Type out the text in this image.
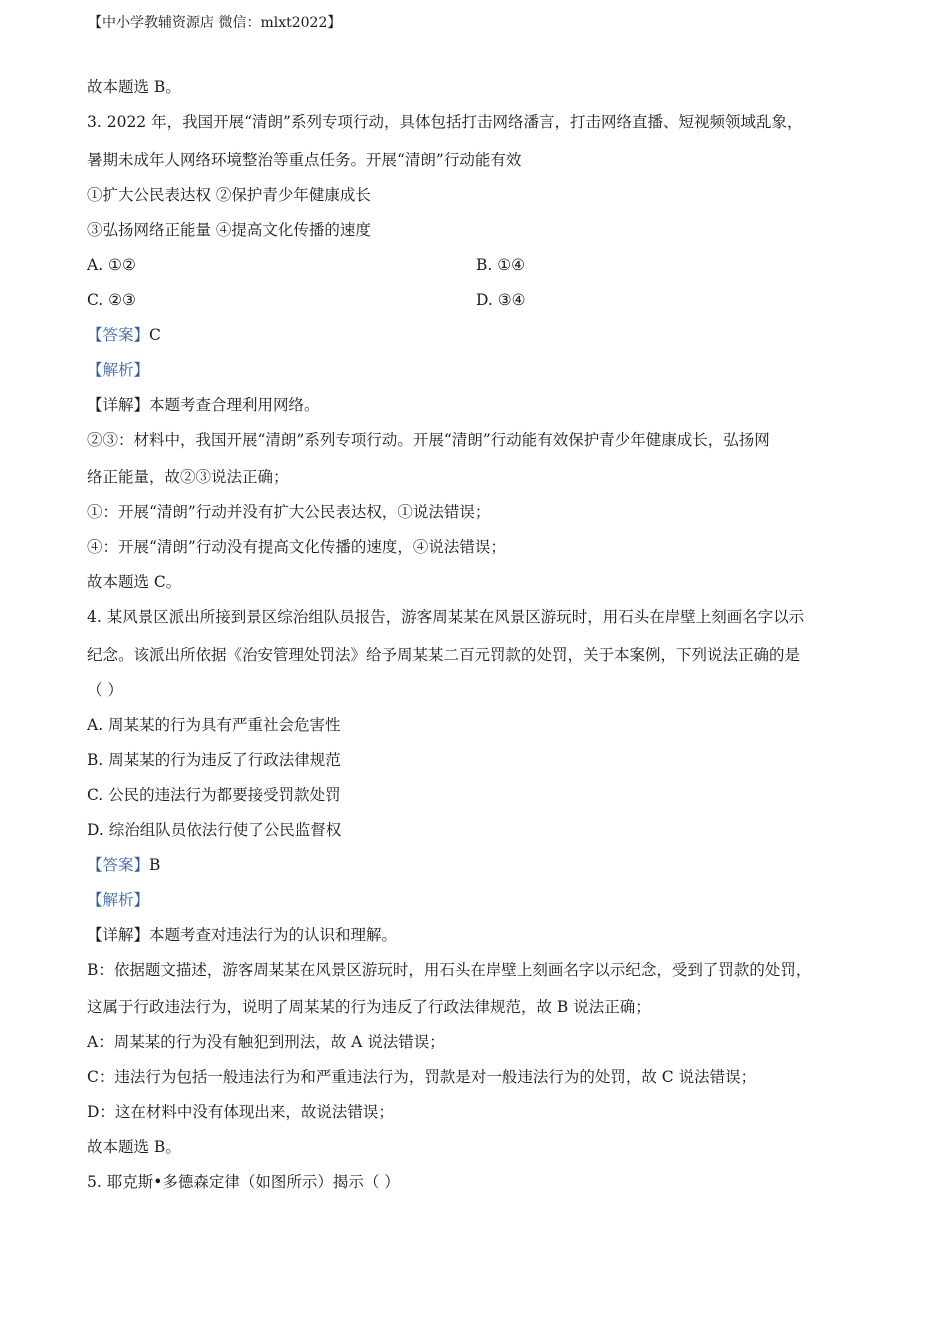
【中小学教辅资源店 微信：mlxt2022】
故本题选 B。
3. 2022 年，我国开展“清朗”系列专项行动，具体包括打击网络潘言，打击网络直播、短视频领域乱象，
暑期未成年人网络环境整治等重点任务。开展“清朗”行动能有效
①扩大公民表达权 ②保护青少年健康成长
③弘扬网络正能量 ④提高文化传播的速度
A. ①②	B. ①④
C. ②③	D. ③④
【答案】C
【解析】
【详解】本题考查合理利用网络。
②③：材料中，我国开展“清朗”系列专项行动。开展“清朗”行动能有效保护青少年健康成长，弘扬网
络正能量，故②③说法正确；
①：开展“清朗”行动并没有扩大公民表达权，①说法错误；
④：开展“清朗”行动没有提高文化传播的速度，④说法错误；
故本题选 C。
4. 某风景区派出所接到景区综治组队员报告，游客周某某在风景区游玩时，用石头在岸壁上刻画名字以示
纪念。该派出所依据《治安管理处罚法》给予周某某二百元罚款的处罚，关于本案例，下列说法正确的是
（ ）
A. 周某某的行为具有严重社会危害性
B. 周某某的行为违反了行政法律规范
C. 公民的违法行为都要接受罚款处罚
D. 综治组队员依法行使了公民监督权
【答案】B
【解析】
【详解】本题考查对违法行为的认识和理解。
B：依据题文描述，游客周某某在风景区游玩时，用石头在岸壁上刻画名字以示纪念，受到了罚款的处罚，
这属于行政违法行为，说明了周某某的行为违反了行政法律规范，故 B 说法正确；
A：周某某的行为没有触犯到刑法，故 A 说法错误；
C：违法行为包括一般违法行为和严重违法行为，罚款是对一般违法行为的处罚，故 C 说法错误；
D：这在材料中没有体现出来，故说法错误；
故本题选 B。
5. 耶克斯•多德森定律（如图所示）揭示（ ）
